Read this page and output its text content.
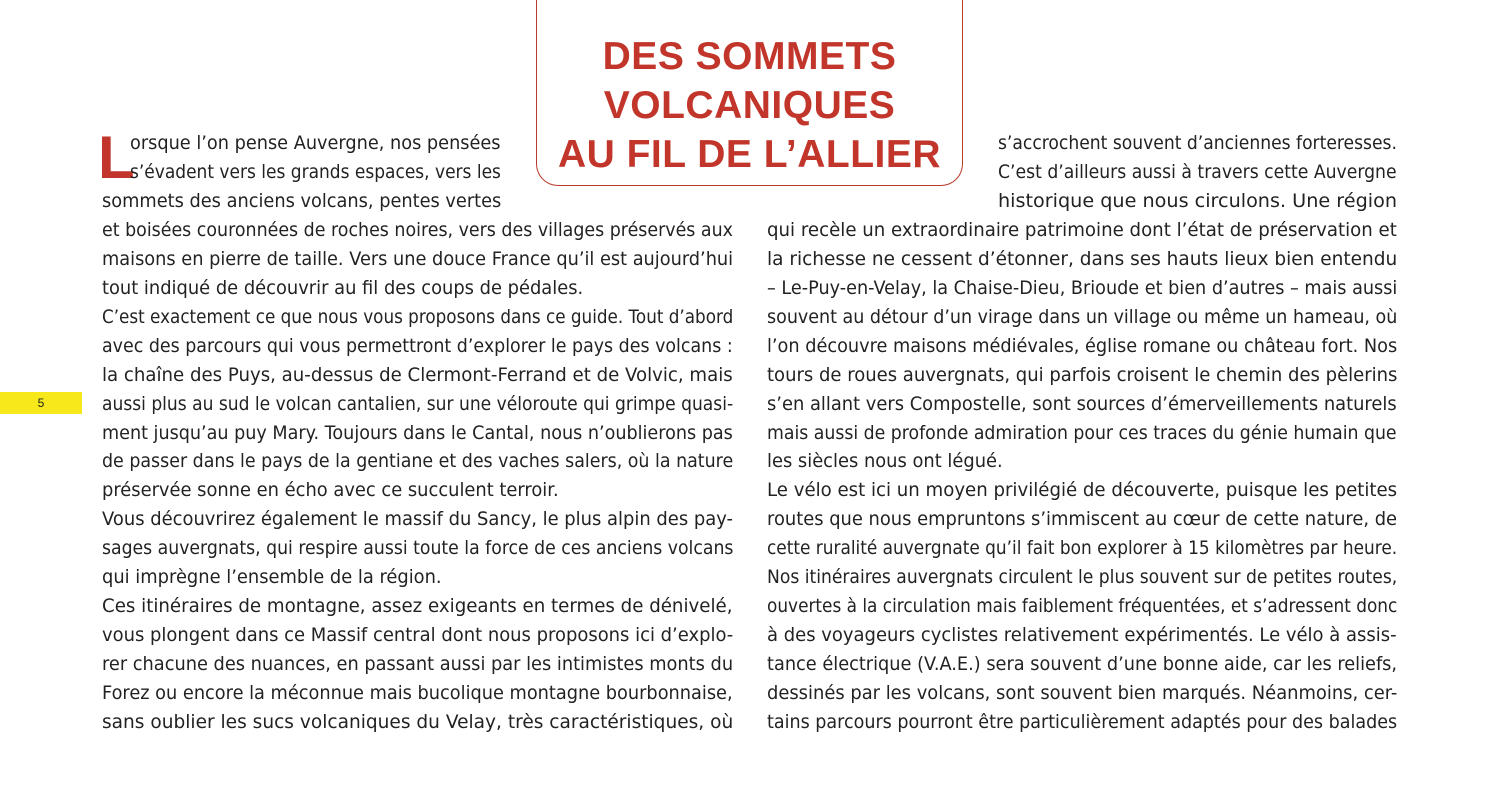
DES SOMMETS
VOLCANIQUES
AU FIL DE L’ALLIER
5
L
orsque l’on pense Auvergne, nos pensées
s’évadent vers les grands espaces, vers les
sommets des anciens volcans, pentes vertes
et boisées couronnées de roches noires, vers des villages préservés aux
maisons en pierre de taille. Vers une douce France qu’il est aujourd’hui
tout indiqué de découvrir au fil des coups de pédales.
C’est exactement ce que nous vous proposons dans ce guide. Tout d’abord
avec des parcours qui vous permettront d’explorer le pays des volcans :
la chaîne des Puys, au-dessus de Clermont-Ferrand et de Volvic, mais
aussi plus au sud le volcan cantalien, sur une véloroute qui grimpe quasi-
ment jusqu’au puy Mary. Toujours dans le Cantal, nous n’oublierons pas
de passer dans le pays de la gentiane et des vaches salers, où la nature
préservée sonne en écho avec ce succulent terroir.
Vous découvrirez également le massif du Sancy, le plus alpin des pay-
sages auvergnats, qui respire aussi toute la force de ces anciens volcans
qui imprègne l’ensemble de la région.
Ces itinéraires de montagne, assez exigeants en termes de dénivelé,
vous plongent dans ce Massif central dont nous proposons ici d’explo-
rer chacune des nuances, en passant aussi par les intimistes monts du
Forez ou encore la méconnue mais bucolique montagne bourbonnaise,
sans oublier les sucs volcaniques du Velay, très caractéristiques, où
s’accrochent souvent d’anciennes forteresses.
C’est d’ailleurs aussi à travers cette Auvergne
historique que nous circulons. Une région
qui recèle un extraordinaire patrimoine dont l’état de préservation et
la richesse ne cessent d’étonner, dans ses hauts lieux bien entendu
– Le-Puy-en-Velay, la Chaise-Dieu, Brioude et bien d’autres – mais aussi
souvent au détour d’un virage dans un village ou même un hameau, où
l’on découvre maisons médiévales, église romane ou château fort. Nos
tours de roues auvergnats, qui parfois croisent le chemin des pèlerins
s’en allant vers Compostelle, sont sources d’émerveillements naturels
mais aussi de profonde admiration pour ces traces du génie humain que
les siècles nous ont légué.
Le vélo est ici un moyen privilégié de découverte, puisque les petites
routes que nous empruntons s’immiscent au cœur de cette nature, de
cette ruralité auvergnate qu’il fait bon explorer à 15 kilomètres par heure.
Nos itinéraires auvergnats circulent le plus souvent sur de petites routes,
ouvertes à la circulation mais faiblement fréquentées, et s’adressent donc
à des voyageurs cyclistes relativement expérimentés. Le vélo à assis-
tance électrique (V.A.E.) sera souvent d’une bonne aide, car les reliefs,
dessinés par les volcans, sont souvent bien marqués. Néanmoins, cer-
tains parcours pourront être particulièrement adaptés pour des balades
